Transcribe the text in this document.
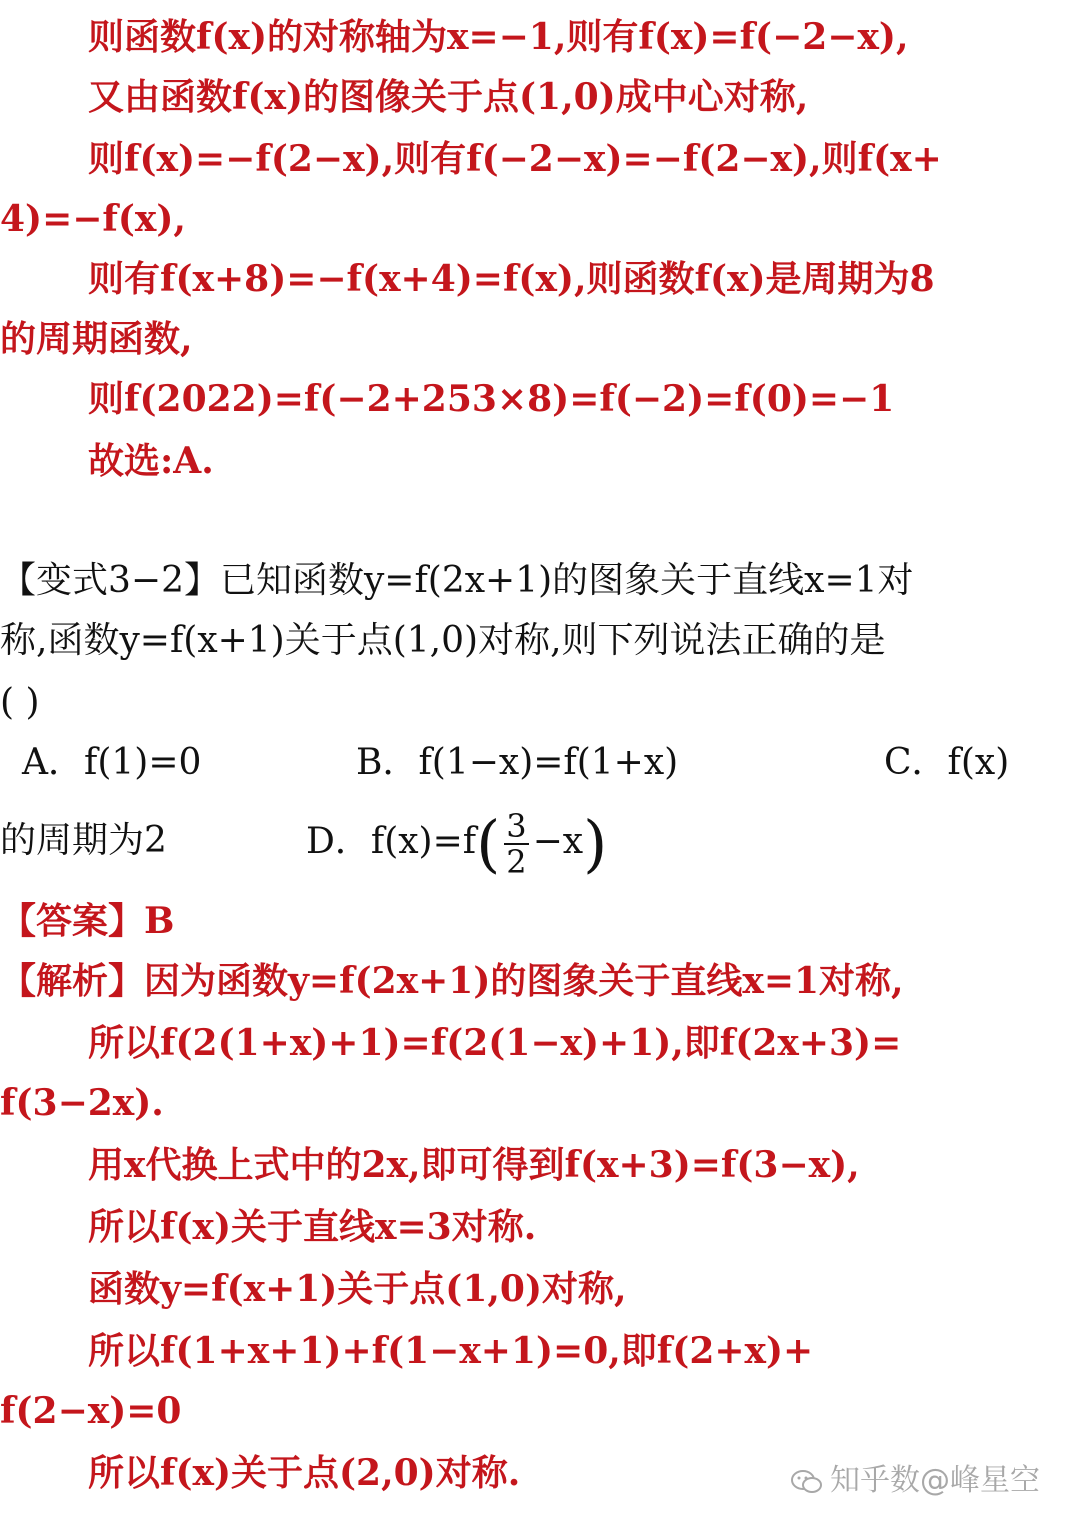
则函数f(x)的对称轴为x=−1,则有f(x)=f(−2−x),
又由函数f(x)的图像关于点(1,0)成中心对称,
则f(x)=−f(2−x),则有f(−2−x)=−f(2−x),则f(x+
4)=−f(x),
则有f(x+8)=−f(x+4)=f(x),则函数f(x)是周期为8
的周期函数,
则f(2022)=f(−2+253×8)=f(−2)=f(0)=−1
故选:A.
【变式3−2】已知函数y=f(2x+1)的图象关于直线x=1对
称,函数y=f(x+1)关于点(1,0)对称,则下列说法正确的是
( )
A．f(1)=0	B．f(1−x)=f(1+x)	C．f(x)
的周期为2	D．$f(x)=f( \frac{3}{2} -x)$
【答案】B
【解析】因为函数y=f(2x+1)的图象关于直线x=1对称,
所以f(2(1+x)+1)=f(2(1−x)+1),即f(2x+3)=
f(3−2x).
用x代换上式中的2x,即可得到f(x+3)=f(3−x),
所以f(x)关于直线x=3对称.
函数y=f(x+1)关于点(1,0)对称,
所以f(1+x+1)+f(1−x+1)=0,即f(2+x)+
f(2−x)=0
所以f(x)关于点(2,0)对称.	知乎数@峰星空
